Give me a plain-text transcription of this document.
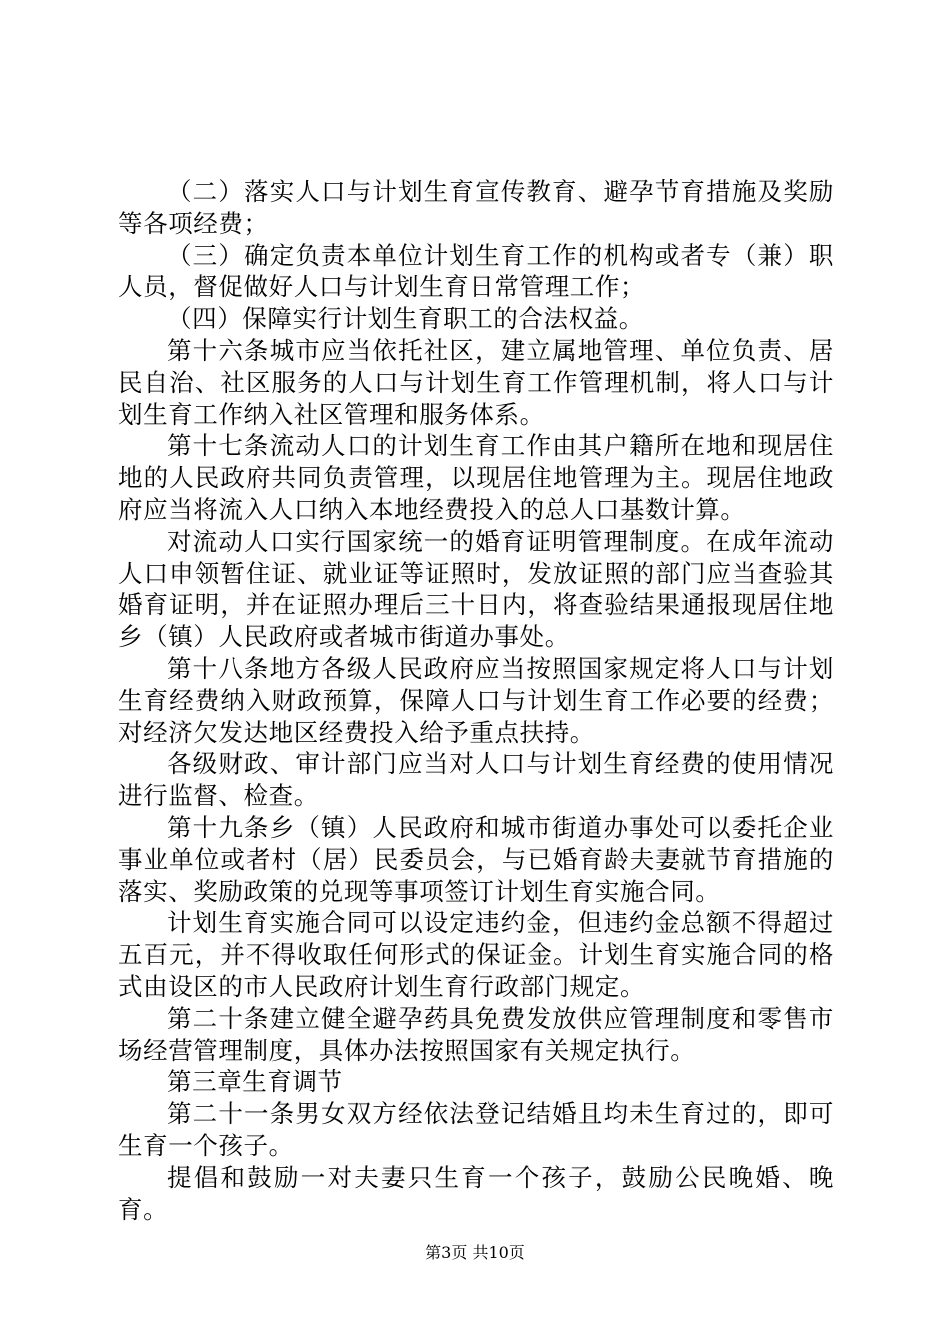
（二）落实人口与计划生育宣传教育、避孕节育措施及奖励等各项经费；

（三）确定负责本单位计划生育工作的机构或者专（兼）职人员，督促做好人口与计划生育日常管理工作；

（四）保障实行计划生育职工的合法权益。

第十六条城市应当依托社区，建立属地管理、单位负责、居民自治、社区服务的人口与计划生育工作管理机制，将人口与计划生育工作纳入社区管理和服务体系。

第十七条流动人口的计划生育工作由其户籍所在地和现居住地的人民政府共同负责管理，以现居住地管理为主。现居住地政府应当将流入人口纳入本地经费投入的总人口基数计算。

对流动人口实行国家统一的婚育证明管理制度。在成年流动人口申领暂住证、就业证等证照时，发放证照的部门应当查验其婚育证明，并在证照办理后三十日内，将查验结果通报现居住地乡（镇）人民政府或者城市街道办事处。

第十八条地方各级人民政府应当按照国家规定将人口与计划生育经费纳入财政预算，保障人口与计划生育工作必要的经费；对经济欠发达地区经费投入给予重点扶持。

各级财政、审计部门应当对人口与计划生育经费的使用情况进行监督、检查。

第十九条乡（镇）人民政府和城市街道办事处可以委托企业事业单位或者村（居）民委员会，与已婚育龄夫妻就节育措施的落实、奖励政策的兑现等事项签订计划生育实施合同。

计划生育实施合同可以设定违约金，但违约金总额不得超过五百元，并不得收取任何形式的保证金。计划生育实施合同的格式由设区的市人民政府计划生育行政部门规定。

第二十条建立健全避孕药具免费发放供应管理制度和零售市场经营管理制度，具体办法按照国家有关规定执行。

第三章生育调节

第二十一条男女双方经依法登记结婚且均未生育过的，即可生育一个孩子。

提倡和鼓励一对夫妻只生育一个孩子，鼓励公民晚婚、晚育。

第3页 共10页
